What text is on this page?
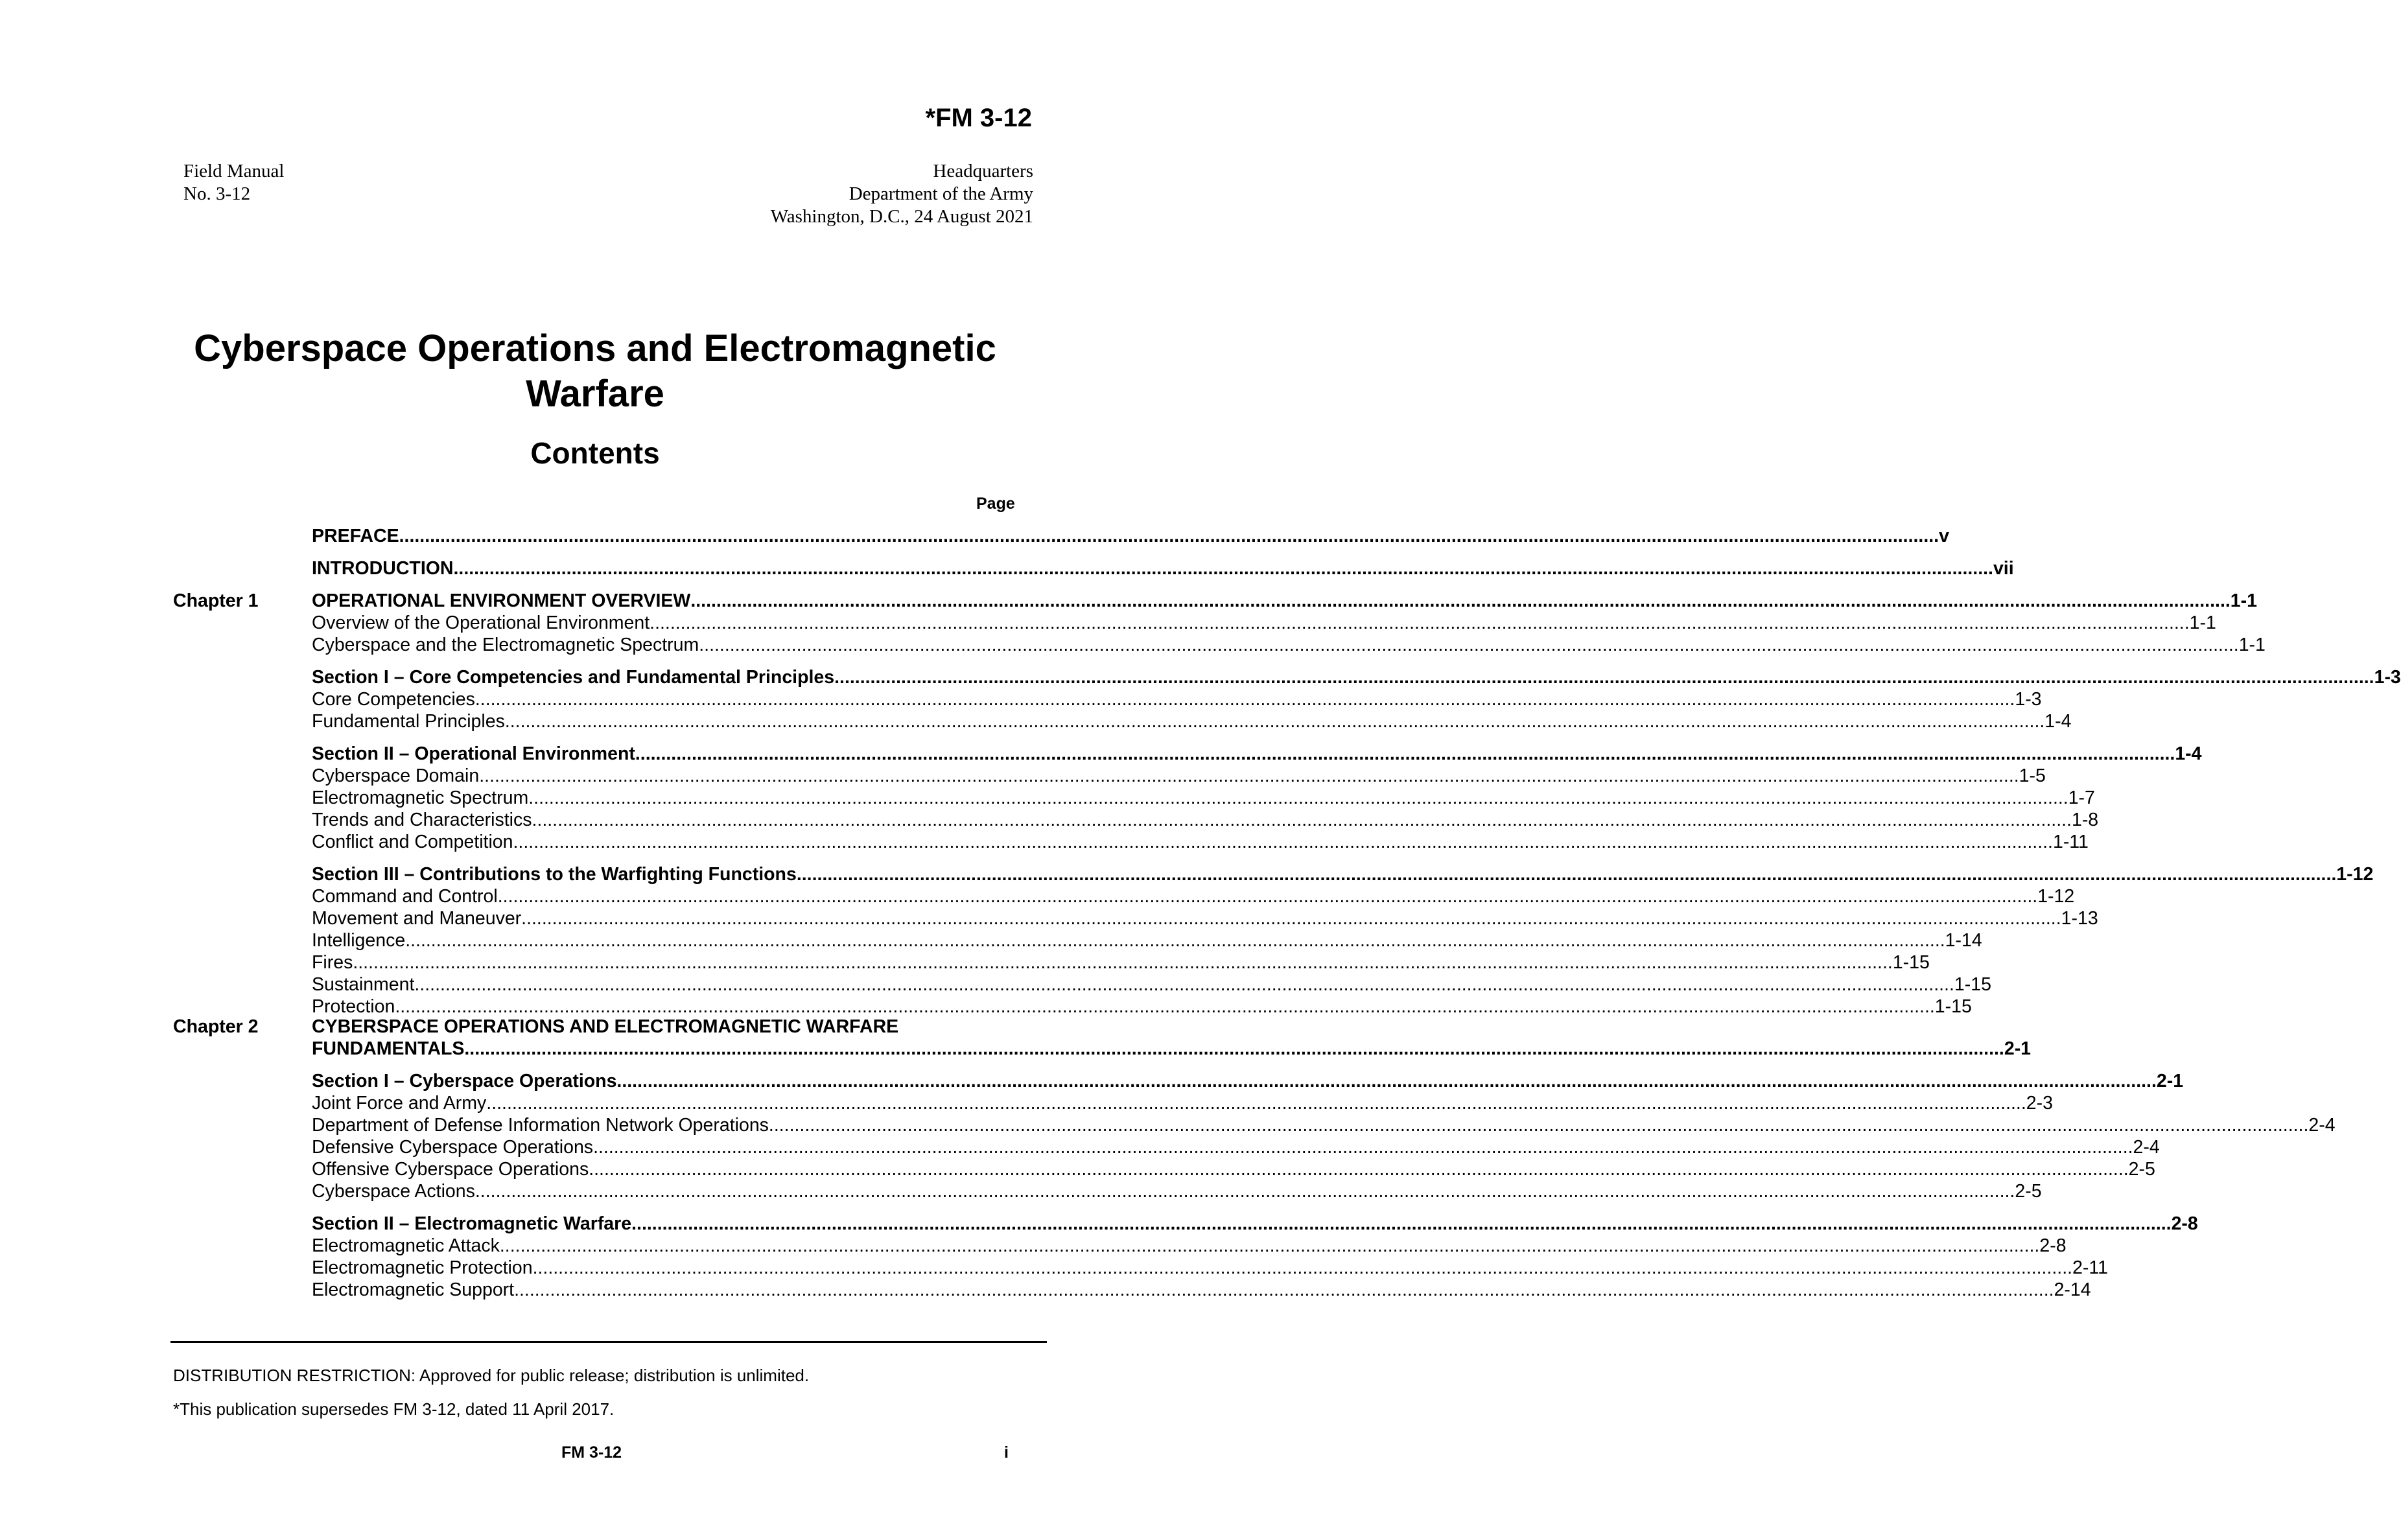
*FM 3-12
Field Manual
No. 3-12
Headquarters
Department of the Army
Washington, D.C., 24 August 2021
Cyberspace Operations and Electromagnetic
Warfare
Contents
Page
Chapter 1
Chapter 2	CYBERSPACE OPERATIONS AND ELECTROMAGNETIC WARFARE
PREFACE ............................................................................................................................................................................................................................................................................................................ v
INTRODUCTION ............................................................................................................................................................................................................................................................................................................ vii
OPERATIONAL ENVIRONMENT OVERVIEW ............................................................................................................................................................................................................................................................................................................ 1-1
Overview of the Operational Environment ............................................................................................................................................................................................................................................................................................................ 1-1
Cyberspace and the Electromagnetic Spectrum ............................................................................................................................................................................................................................................................................................................ 1-1
Section I – Core Competencies and Fundamental Principles ............................................................................................................................................................................................................................................................................................................ 1-3
Core Competencies ............................................................................................................................................................................................................................................................................................................ 1-3
Fundamental Principles ............................................................................................................................................................................................................................................................................................................ 1-4
Section II – Operational Environment ............................................................................................................................................................................................................................................................................................................ 1-4
Cyberspace Domain ............................................................................................................................................................................................................................................................................................................ 1-5
Electromagnetic Spectrum ............................................................................................................................................................................................................................................................................................................ 1-7
Trends and Characteristics ............................................................................................................................................................................................................................................................................................................ 1-8
Conflict and Competition ............................................................................................................................................................................................................................................................................................................ 1-11
Section III – Contributions to the Warfighting Functions ............................................................................................................................................................................................................................................................................................................ 1-12
Command and Control ............................................................................................................................................................................................................................................................................................................ 1-12
Movement and Maneuver ............................................................................................................................................................................................................................................................................................................ 1-13
Intelligence ............................................................................................................................................................................................................................................................................................................ 1-14
Fires ............................................................................................................................................................................................................................................................................................................ 1-15
Sustainment ............................................................................................................................................................................................................................................................................................................ 1-15
Protection ............................................................................................................................................................................................................................................................................................................ 1-15
FUNDAMENTALS ............................................................................................................................................................................................................................................................................................................ 2-1
Section I – Cyberspace Operations ............................................................................................................................................................................................................................................................................................................ 2-1
Joint Force and Army ............................................................................................................................................................................................................................................................................................................ 2-3
Department of Defense Information Network Operations ............................................................................................................................................................................................................................................................................................................ 2-4
Defensive Cyberspace Operations ............................................................................................................................................................................................................................................................................................................ 2-4
Offensive Cyberspace Operations ............................................................................................................................................................................................................................................................................................................ 2-5
Cyberspace Actions ............................................................................................................................................................................................................................................................................................................ 2-5
Section II – Electromagnetic Warfare ............................................................................................................................................................................................................................................................................................................ 2-8
Electromagnetic Attack ............................................................................................................................................................................................................................................................................................................ 2-8
Electromagnetic Protection ............................................................................................................................................................................................................................................................................................................ 2-11
Electromagnetic Support ............................................................................................................................................................................................................................................................................................................ 2-14
DISTRIBUTION RESTRICTION: Approved for public release; distribution is unlimited.
*This publication supersedes FM 3-12, dated 11 April 2017.
FM 3-12	i
